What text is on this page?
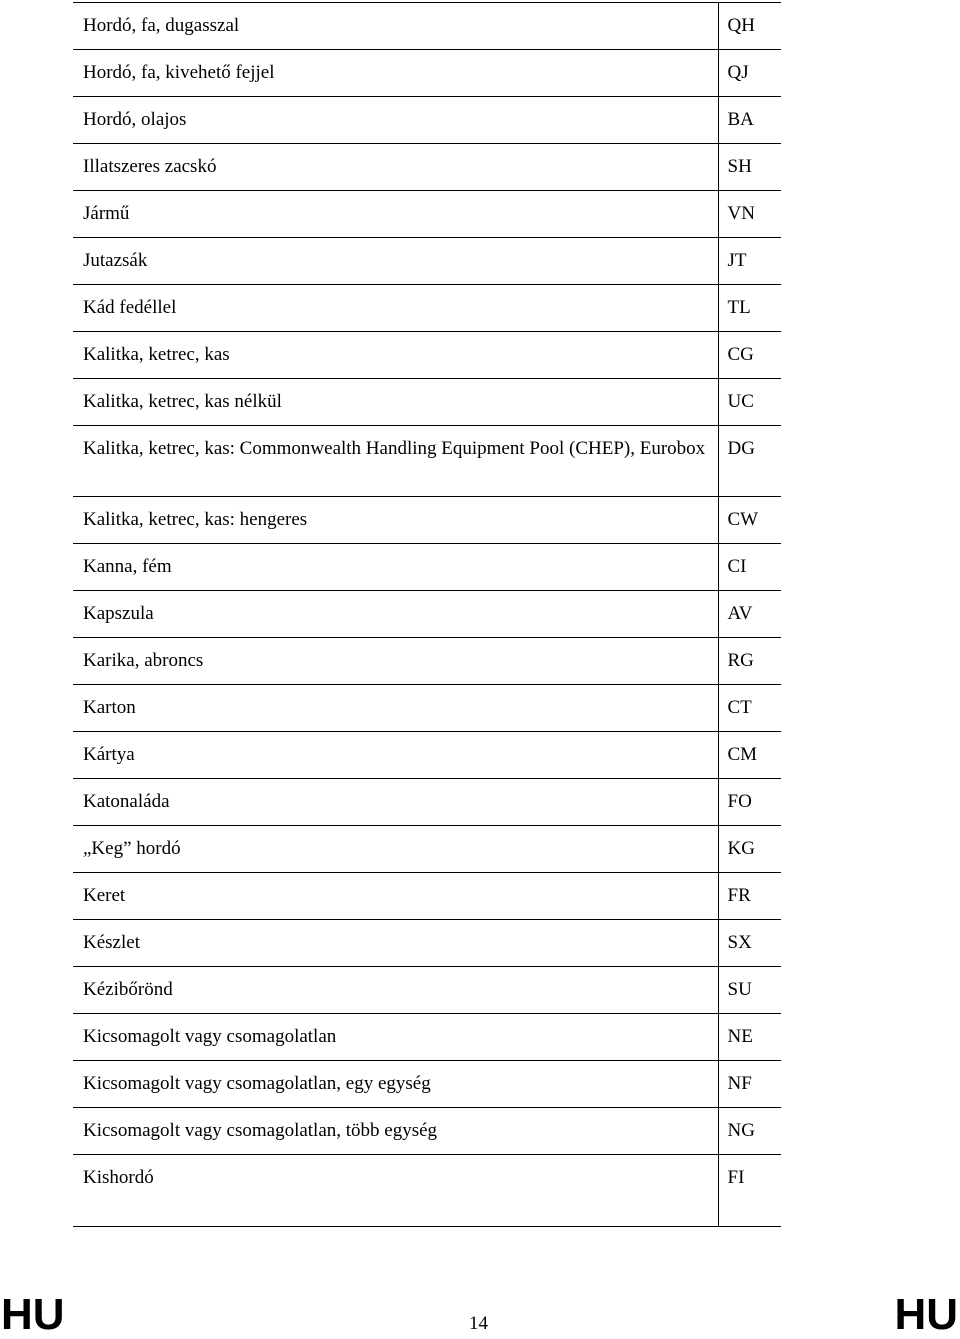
Hordó, fa, dugasszal	QH
Hordó, fa, kivehető fejjel	QJ
Hordó, olajos	BA
Illatszeres zacskó	SH
Jármű	VN
Jutazsák	JT
Kád fedéllel	TL
Kalitka, ketrec, kas	CG
Kalitka, ketrec, kas nélkül	UC
Kalitka, ketrec, kas: Commonwealth Handling Equipment Pool (CHEP), Eurobox	DG
Kalitka, ketrec, kas: hengeres	CW
Kanna, fém	CI
Kapszula	AV
Karika, abroncs	RG
Karton	CT
Kártya	CM
Katonaláda	FO
„Keg” hordó	KG
Keret	FR
Készlet	SX
Kézibőrönd	SU
Kicsomagolt vagy csomagolatlan	NE
Kicsomagolt vagy csomagolatlan, egy egység	NF
Kicsomagolt vagy csomagolatlan, több egység	NG
Kishordó	FI
HU	14	HU
